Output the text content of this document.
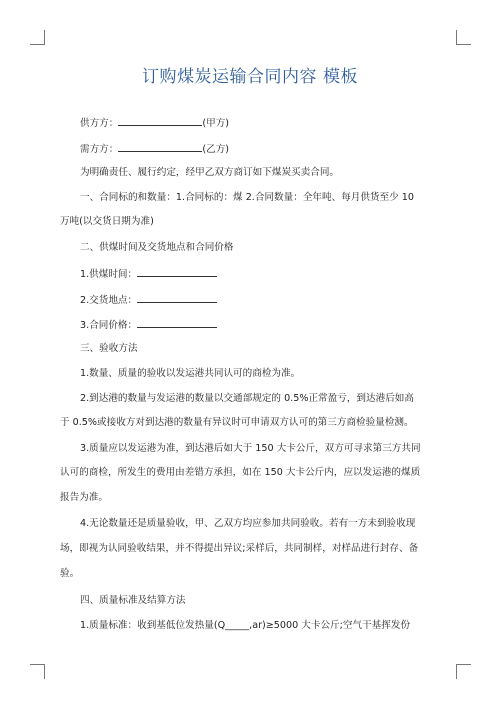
订购煤炭运输合同内容 模板
供方方：	(甲方)
需方方：	(乙方)
为明确责任、履行约定，经甲乙双方商订如下煤炭买卖合同。
一、合同标的和数量：1.合同标的：煤 2.合同数量：全年吨、每月供货至少 10
万吨(以交货日期为准)
二、供煤时间及交货地点和合同价格
1.供煤时间：
2.交货地点：
3.合同价格：
三、验收方法
1.数量、质量的验收以发运港共同认可的商检为准。
2.到达港的数量与发运港的数量以交通部规定的 0.5%正常盈亏，到达港后如高
于 0.5%或接收方对到达港的数量有异议时可申请双方认可的第三方商检验量检测。
3.质量应以发运港为准，到达港后如大于 150 大卡公斤，双方可寻求第三方共同
认可的商检，所发生的费用由差错方承担，如在 150 大卡公斤内，应以发运港的煤质
报告为准。
4.无论数量还是质量验收，甲、乙双方均应参加共同验收。若有一方未到验收现
场，即视为认同验收结果，并不得提出异议;采样后，共同制样，对样品进行封存、备
验。
四、质量标准及结算方法
1.质量标准：收到基低位发热量(Q_____,ar)≥5000 大卡公斤;空气干基挥发份
